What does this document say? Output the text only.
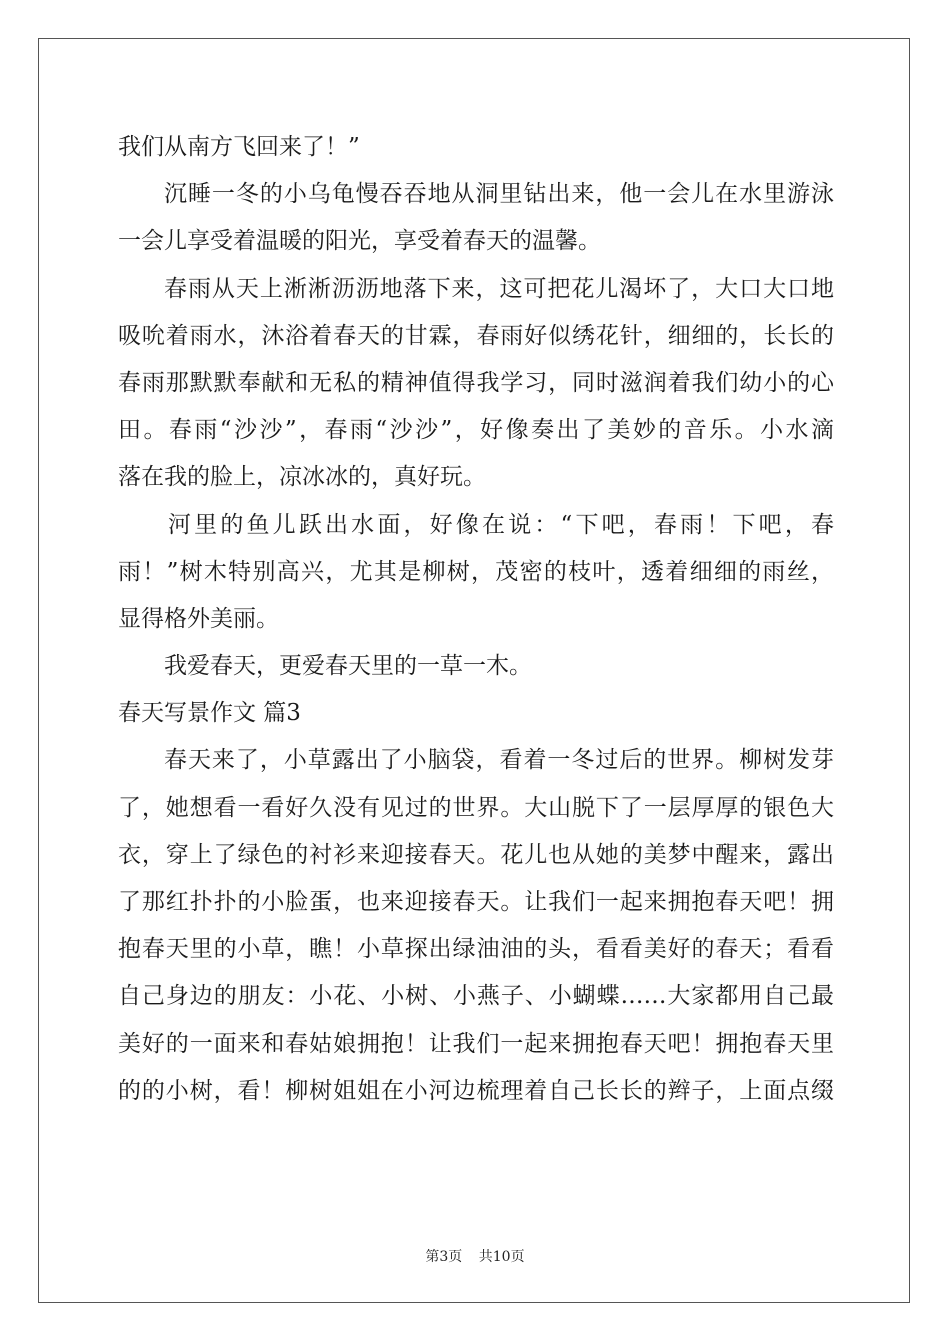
我们从南方飞回来了！”
沉睡一冬的小乌龟慢吞吞地从洞里钻出来，他一会儿在水里游泳
一会儿享受着温暖的阳光，享受着春天的温馨。
春雨从天上淅淅沥沥地落下来，这可把花儿渴坏了，大口大口地
吸吮着雨水，沐浴着春天的甘霖，春雨好似绣花针，细细的，长长的
春雨那默默奉献和无私的精神值得我学习，同时滋润着我们幼小的心
田。春雨“沙沙”，春雨“沙沙”，好像奏出了美妙的音乐。小水滴
落在我的脸上，凉冰冰的，真好玩。
河里的鱼儿跃出水面，好像在说：“下吧，春雨！下吧，春
雨！”树木特别高兴，尤其是柳树，茂密的枝叶，透着细细的雨丝，
显得格外美丽。
我爱春天，更爱春天里的一草一木。
春天写景作文 篇3
春天来了，小草露出了小脑袋，看着一冬过后的世界。柳树发芽
了，她想看一看好久没有见过的世界。大山脱下了一层厚厚的银色大
衣，穿上了绿色的衬衫来迎接春天。花儿也从她的美梦中醒来，露出
了那红扑扑的小脸蛋，也来迎接春天。让我们一起来拥抱春天吧！拥
抱春天里的小草，瞧！小草探出绿油油的头，看看美好的春天；看看
自己身边的朋友：小花、小树、小燕子、小蝴蝶……大家都用自己最
美好的一面来和春姑娘拥抱！让我们一起来拥抱春天吧！拥抱春天里
的的小树，看！柳树姐姐在小河边梳理着自己长长的辫子，上面点缀
第3页 共10页
